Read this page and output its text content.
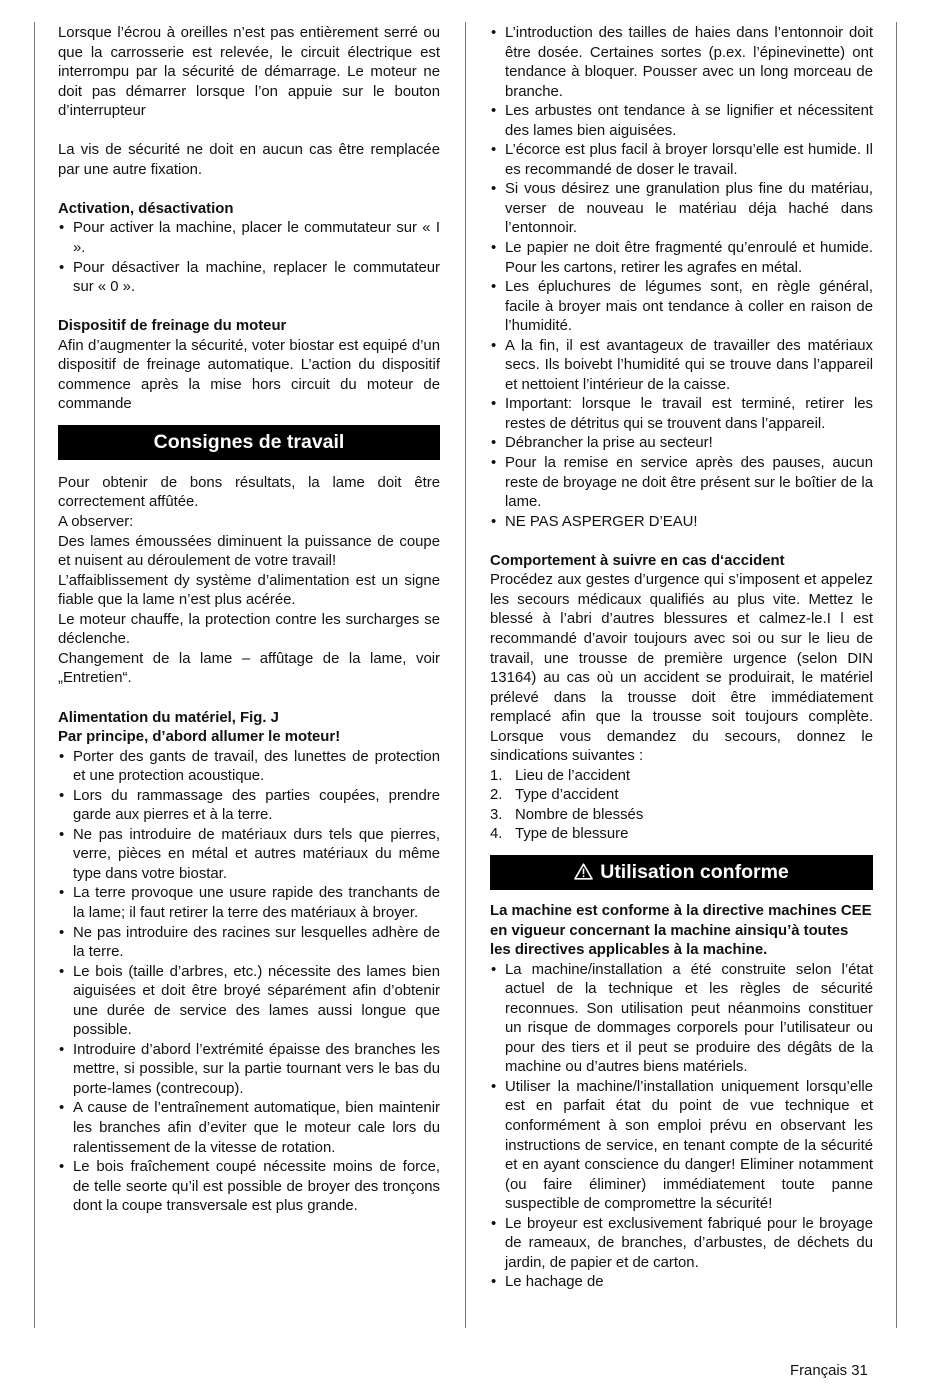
Lorsque l’écrou à oreilles n’est pas entièrement serré ou que la carrosserie est relevée, le circuit électrique est interrompu par la sécurité de démarrage. Le moteur ne doit pas démarrer lorsque l’on appuie sur le bouton d’interrupteur

La vis de sécurité ne doit en aucun cas être remplacée par une autre fixation.

Activation, désactivation

• Pour activer la machine, placer le commutateur sur « I ».
• Pour désactiver la machine, replacer le commutateur sur « 0 ».

Dispositif de freinage du moteur

Afin d’augmenter la sécurité, voter biostar est equipé d’un dispositif de freinage automatique. L’action du dispositif commence après la mise hors circuit du moteur de commande

Consignes de travail

Pour obtenir de bons résultats, la lame doit être correctement affûtée.

A observer:

Des lames émoussées diminuent la puissance de coupe et nuisent au déroulement de votre travail!

L’affaiblissement dy système d’alimentation est un signe fiable que la lame n’est plus acérée.

Le moteur chauffe, la protection contre les surcharges se déclenche.

Changement de la lame – affûtage de la lame, voir „Entretien“.

Alimentation du matériel, Fig. J

Par principe, d’abord allumer le moteur!

• Porter des gants de travail, des lunettes de protection et une protection acoustique.
• Lors du rammassage des parties coupées, prendre garde aux pierres et à la terre.
• Ne pas introduire de matériaux durs tels que pierres, verre, pièces en métal et autres matériaux du même type dans votre biostar.
• La terre provoque une usure rapide des tranchants de la lame; il faut retirer la terre des matériaux à broyer.
• Ne pas introduire des racines sur lesquelles adhère de la terre.
• Le bois (taille d’arbres, etc.) nécessite des lames bien aiguisées et doit être broyé séparément afin d’obtenir une durée de service des lames aussi longue que possible.
• Introduire d’abord l’extrémité épaisse des branches les mettre, si possible, sur la partie tournant vers le bas du porte-lames (contrecoup).
• A cause de l’entraînement automatique, bien maintenir les branches afin d’eviter que le moteur cale lors du ralentissement de la vitesse de rotation.
• Le bois fraîchement coupé nécessite moins de force, de telle seorte qu’il est possible de broyer des tronçons dont la coupe transversale est plus grande.
• L’introduction des tailles de haies dans l’entonnoir doit être dosée. Certaines sortes (p.ex. l’épinevinette) ont tendance à bloquer. Pousser avec un long morceau de branche.
• Les arbustes ont tendance à se lignifier et nécessitent des lames bien aiguisées.
• L’écorce est plus facil à broyer lorsqu’elle est humide. Il es recommandé de doser le travail.
• Si vous désirez une granulation plus fine du matériau, verser de nouveau le matériau déja haché dans l’entonnoir.
• Le papier ne doit être fragmenté qu’enroulé et humide. Pour les cartons, retirer les agrafes en métal.
• Les épluchures de légumes sont, en règle général, facile à broyer mais ont tendance à coller en raison de l’humidité.
• A la fin, il est avantageux de travailler des matériaux secs. Ils boivebt l’humidité qui se trouve dans l’appareil et nettoient l’intérieur de la caisse.
• Important: lorsque le travail est terminé, retirer les restes de détritus qui se trouvent dans l’appareil.
• Débrancher la prise au secteur!
• Pour la remise en service après des pauses, aucun reste de broyage ne doit être présent sur le boîtier de la lame.
• NE PAS ASPERGER D’EAU!

Comportement à suivre en cas d‘accident

Procédez aux gestes d’urgence qui s’imposent et appelez les secours médicaux qualifiés au plus vite. Mettez le blessé à l’abri d’autres blessures et calmez-le.I l est recommandé d’avoir toujours avec soi ou sur le lieu de travail, une trousse de première urgence (selon DIN 13164) au cas où un accident se produirait, le matériel prélevé dans la trousse doit être immédiatement remplacé afin que la trousse soit toujours complète. Lorsque vous demandez du secours, donnez le sindications suivantes :

1. Lieu de l’accident
2. Type d’accident
3. Nombre de blessés
4. Type de blessure
Utilisation conforme

La machine est conforme à la directive machines CEE en vigueur concernant la machine ainsiqu’à toutes les directives applicables à la machine.

• La machine/installation a été construite selon l’état actuel de la technique et les règles de sécurité reconnues. Son utilisation peut néanmoins constituer un risque de dommages corporels pour l’utilisateur ou pour des tiers et il peut se produire des dégâts de la machine ou d’autres biens matériels.
• Utiliser la machine/l’installation uniquement lorsqu’elle est en parfait état du point de vue technique et conformément à son emploi prévu en observant les instructions de service, en tenant compte de la sécurité et en ayant conscience du danger! Eliminer notamment (ou faire éliminer) immédiatement toute panne suspectible de compromettre la sécurité!
• Le broyeur est exclusivement fabriqué pour le broyage de rameaux, de branches, d’arbustes, de déchets du jardin, de papier et de carton.
• Le hachage de
Français 31
